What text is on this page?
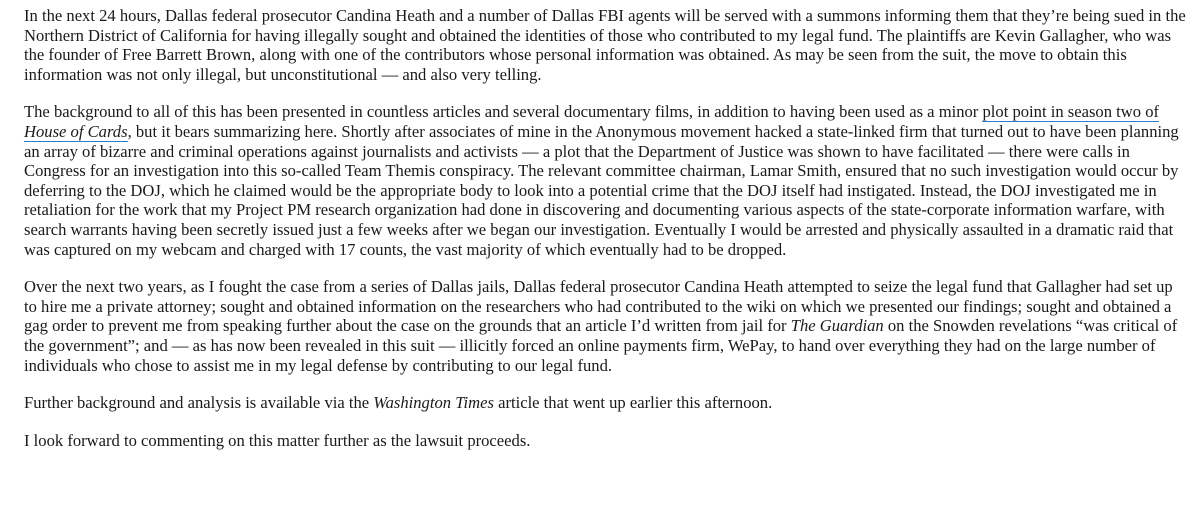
In the next 24 hours, Dallas federal prosecutor Candina Heath and a number of Dallas FBI agents will be served with a summons informing them that they’re being sued in the Northern District of California for having illegally sought and obtained the identities of those who contributed to my legal fund. The plaintiffs are Kevin Gallagher, who was the founder of Free Barrett Brown, along with one of the contributors whose personal information was obtained. As may be seen from the suit, the move to obtain this information was not only illegal, but unconstitutional — and also very telling.

The background to all of this has been presented in countless articles and several documentary films, in addition to having been used as a minor plot point in season two of House of Cards, but it bears summarizing here. Shortly after associates of mine in the Anonymous movement hacked a state-linked firm that turned out to have been planning an array of bizarre and criminal operations against journalists and activists — a plot that the Department of Justice was shown to have facilitated — there were calls in Congress for an investigation into this so-called Team Themis conspiracy. The relevant committee chairman, Lamar Smith, ensured that no such investigation would occur by deferring to the DOJ, which he claimed would be the appropriate body to look into a potential crime that the DOJ itself had instigated. Instead, the DOJ investigated me in retaliation for the work that my Project PM research organization had done in discovering and documenting various aspects of the state-corporate information warfare, with search warrants having been secretly issued just a few weeks after we began our investigation. Eventually I would be arrested and physically assaulted in a dramatic raid that was captured on my webcam and charged with 17 counts, the vast majority of which eventually had to be dropped.

Over the next two years, as I fought the case from a series of Dallas jails, Dallas federal prosecutor Candina Heath attempted to seize the legal fund that Gallagher had set up to hire me a private attorney; sought and obtained information on the researchers who had contributed to the wiki on which we presented our findings; sought and obtained a gag order to prevent me from speaking further about the case on the grounds that an article I’d written from jail for The Guardian on the Snowden revelations “was critical of the government”; and — as has now been revealed in this suit — illicitly forced an online payments firm, WePay, to hand over everything they had on the large number of individuals who chose to assist me in my legal defense by contributing to our legal fund.

Further background and analysis is available via the Washington Times article that went up earlier this afternoon.

I look forward to commenting on this matter further as the lawsuit proceeds.
